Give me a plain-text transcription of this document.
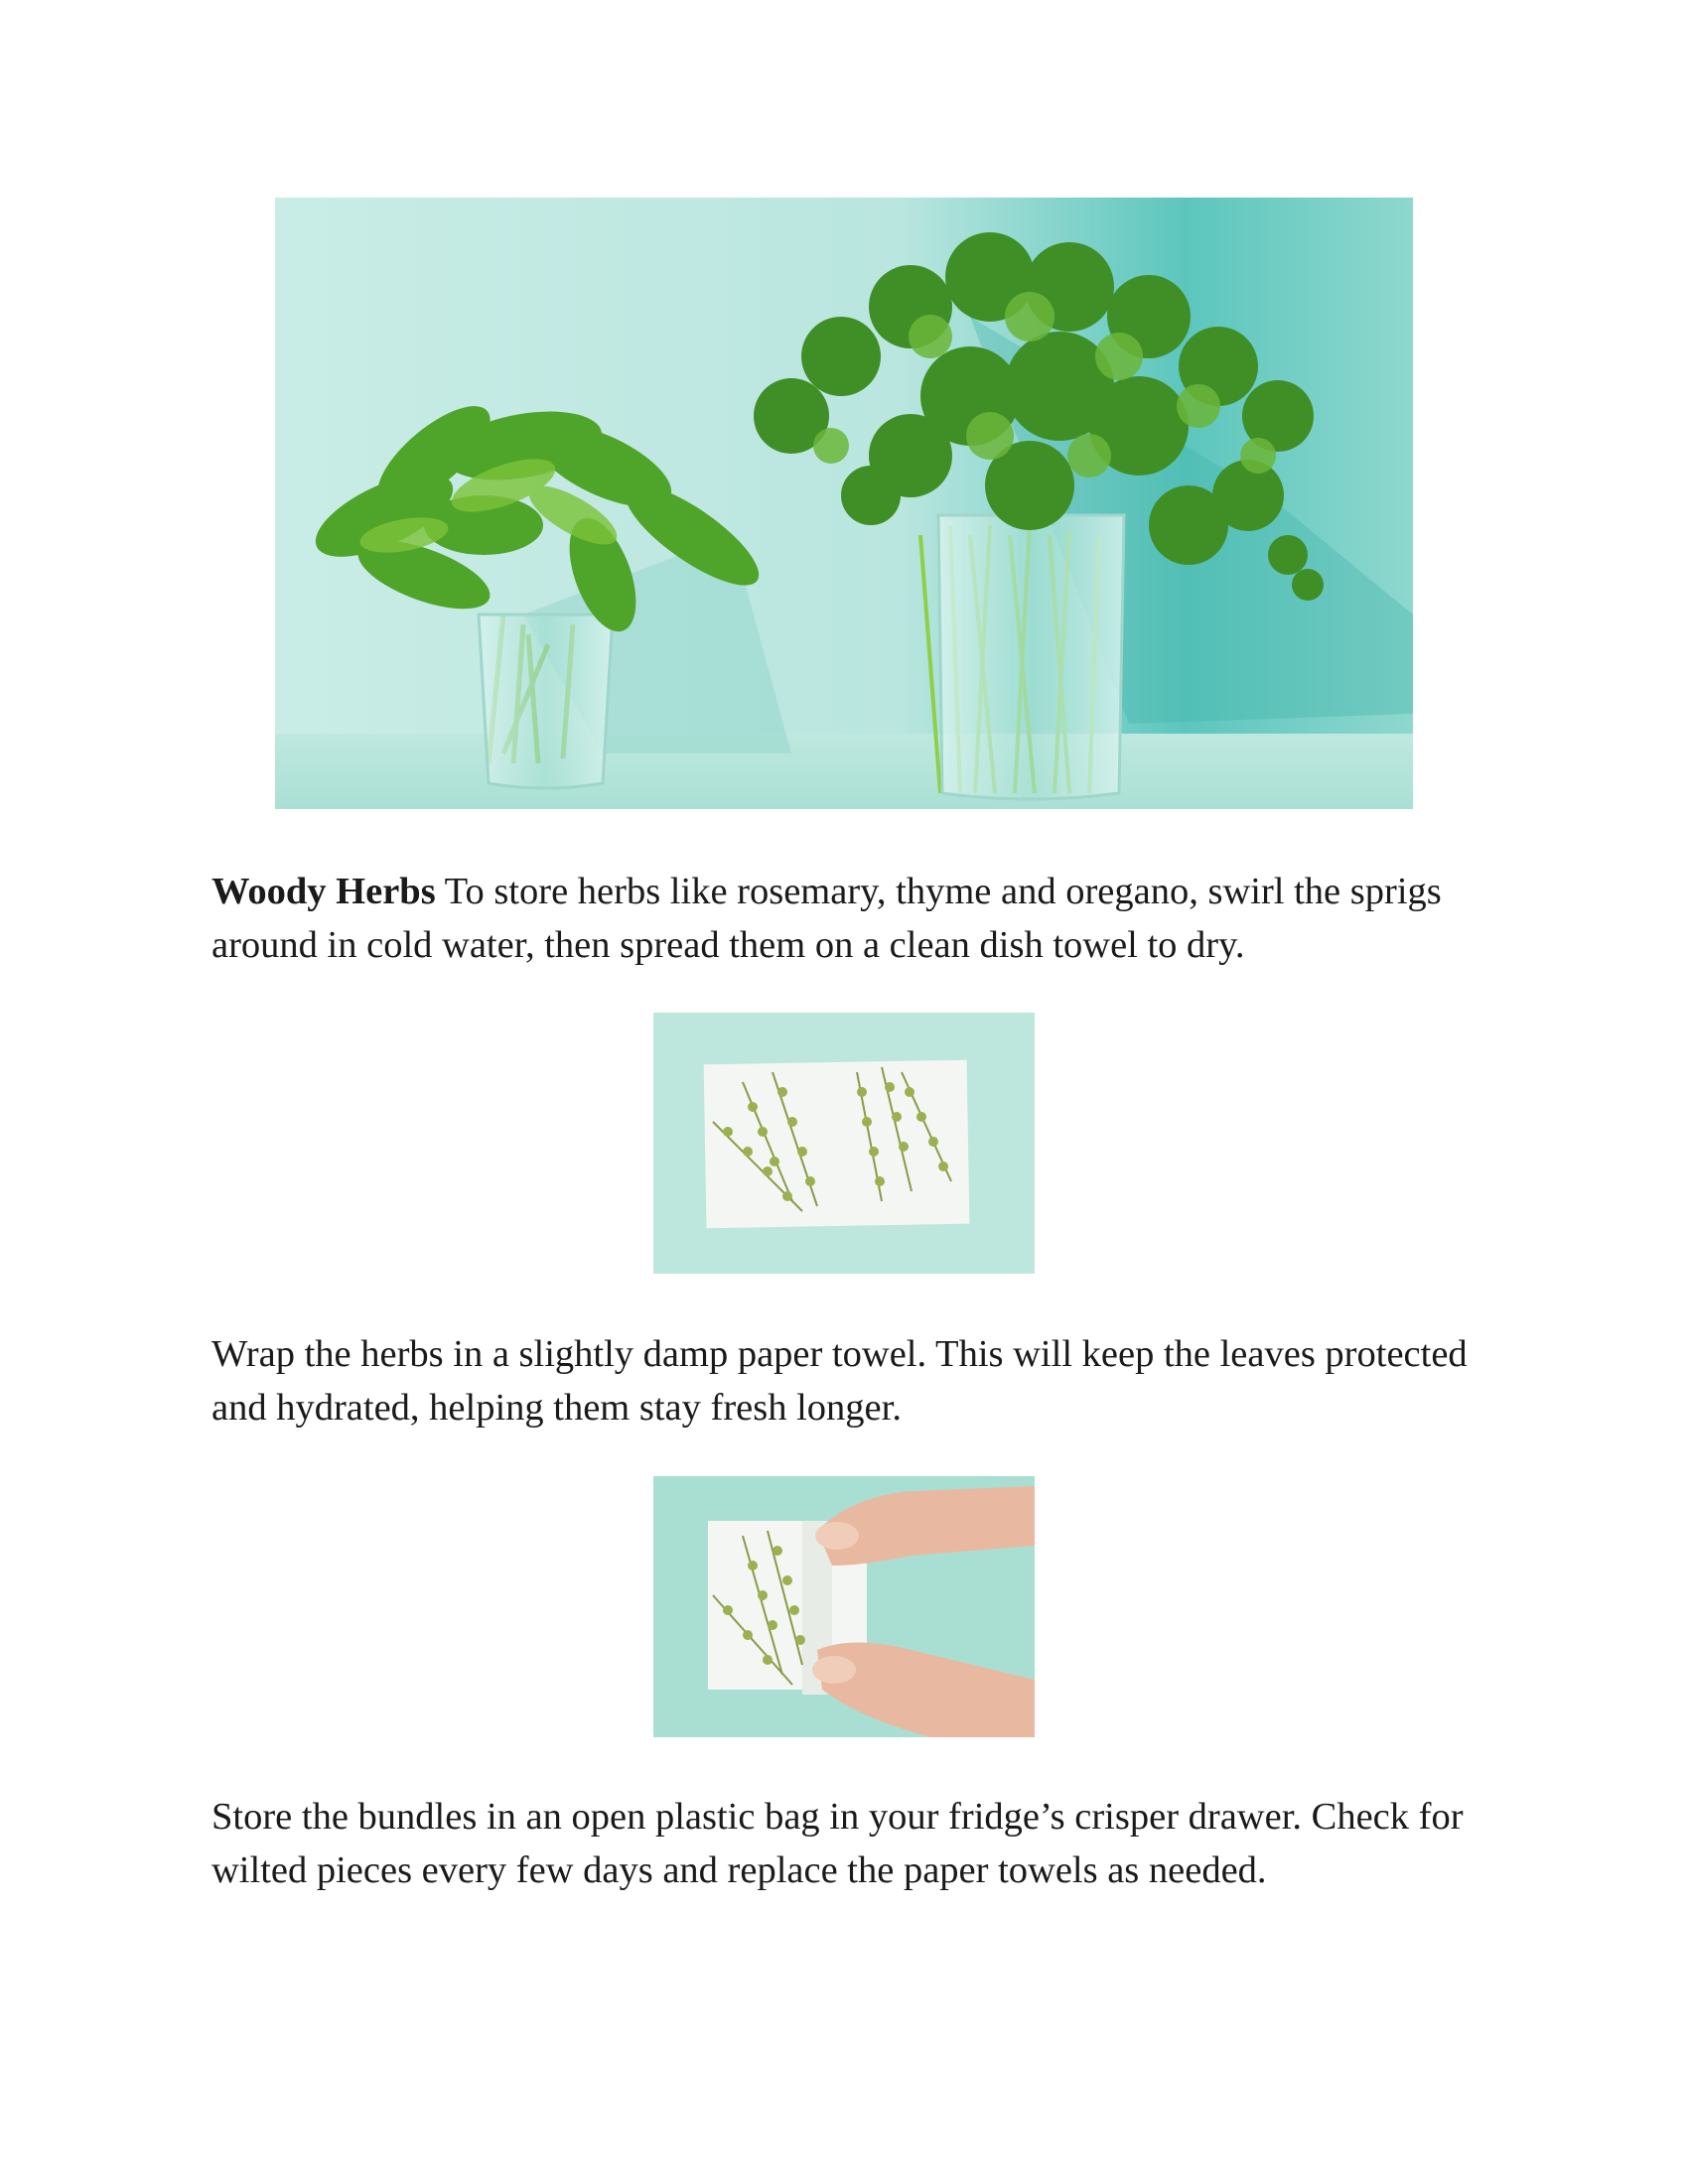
Woody Herbs To store herbs like rosemary, thyme and oregano, swirl the sprigs around in cold water, then spread them on a clean dish towel to dry.

Wrap the herbs in a slightly damp paper towel. This will keep the leaves protected and hydrated, helping them stay fresh longer.

Store the bundles in an open plastic bag in your fridge’s crisper drawer. Check for wilted pieces every few days and replace the paper towels as needed.
